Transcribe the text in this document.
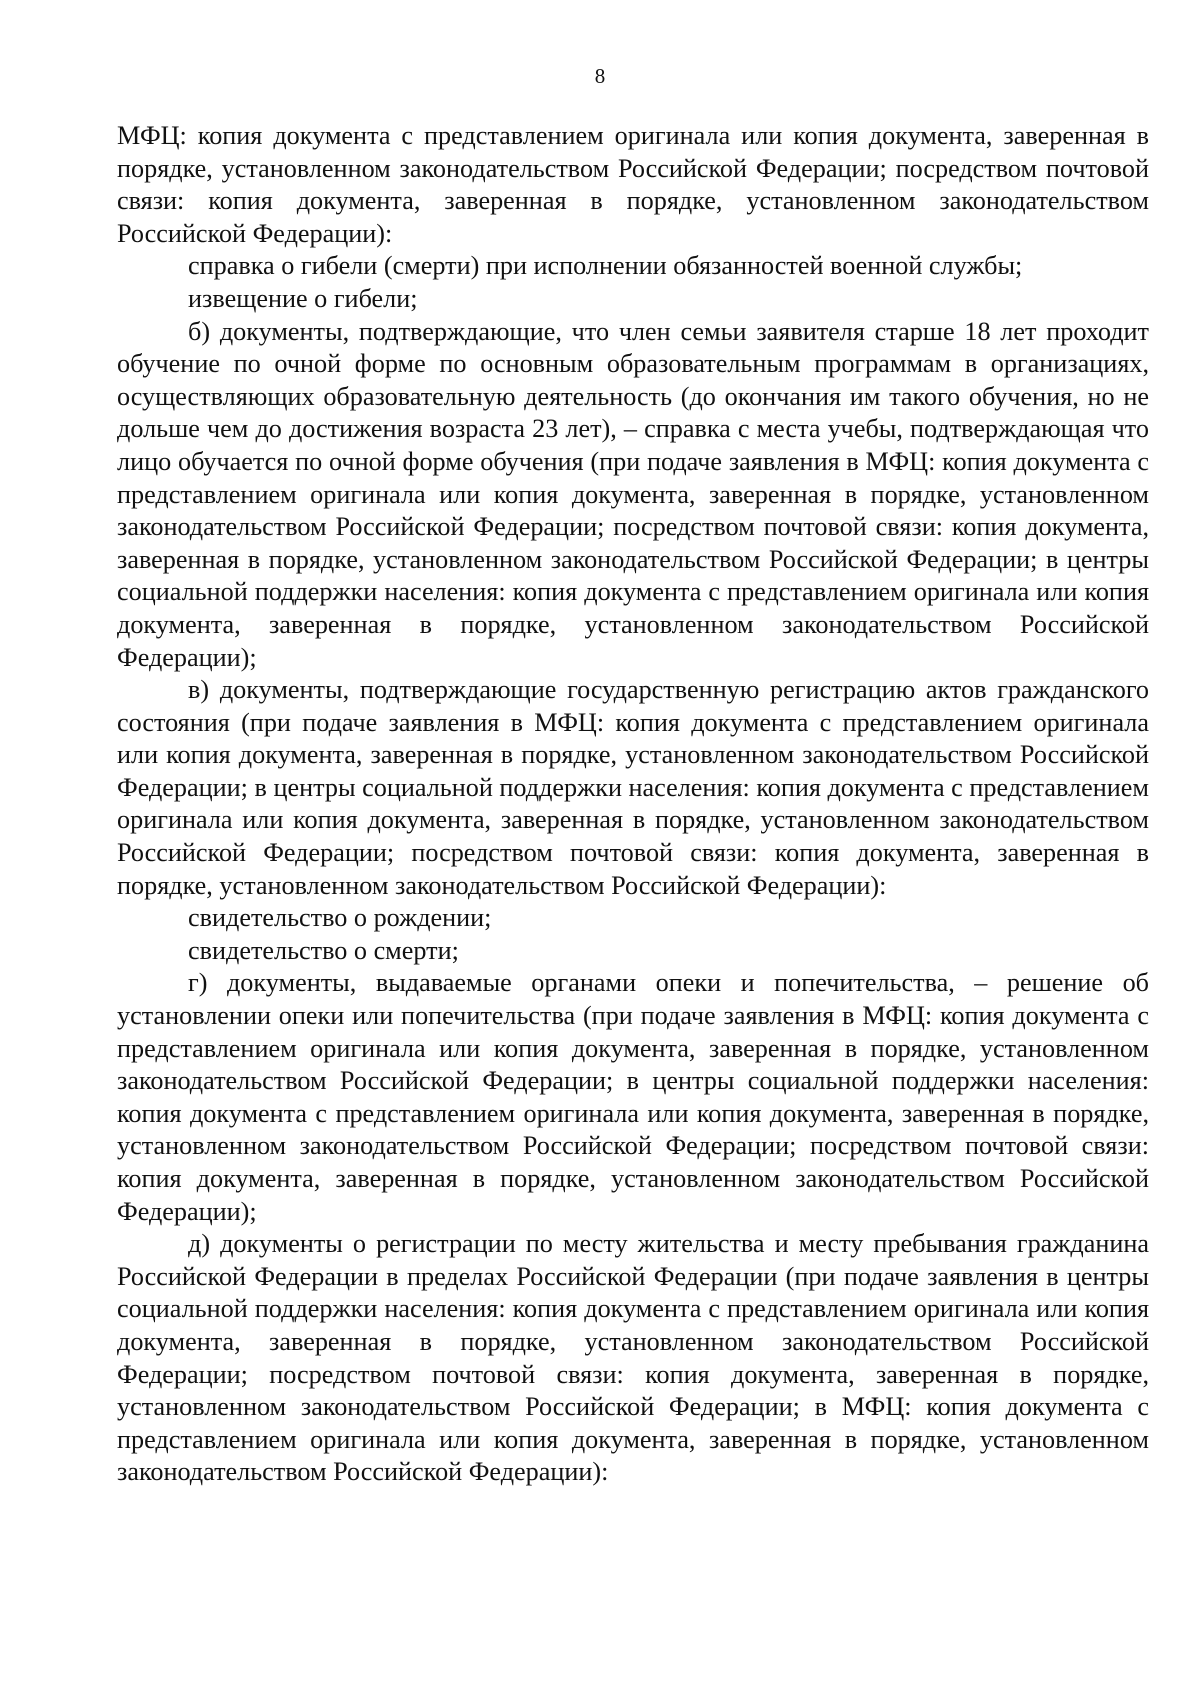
8

МФЦ: копия документа с представлением оригинала или копия документа, заверенная в порядке, установленном законодательством Российской Федерации; посредством почтовой связи: копия документа, заверенная в порядке, установленном законодательством Российской Федерации):

справка о гибели (смерти) при исполнении обязанностей военной службы;

извещение о гибели;

б) документы, подтверждающие, что член семьи заявителя старше 18 лет проходит обучение по очной форме по основным образовательным программам в организациях, осуществляющих образовательную деятельность (до окончания им такого обучения, но не дольше чем до достижения возраста 23 лет), – справка с места учебы, подтверждающая что лицо обучается по очной форме обучения (при подаче заявления в МФЦ: копия документа с представлением оригинала или копия документа, заверенная в порядке, установленном законодательством Российской Федерации; посредством почтовой связи: копия документа, заверенная в порядке, установленном законодательством Российской Федерации; в центры социальной поддержки населения: копия документа с представлением оригинала или копия документа, заверенная в порядке, установленном законодательством Российской Федерации);

в) документы, подтверждающие государственную регистрацию актов гражданского состояния (при подаче заявления в МФЦ: копия документа с представлением оригинала или копия документа, заверенная в порядке, установленном законодательством Российской Федерации; в центры социальной поддержки населения: копия документа с представлением оригинала или копия документа, заверенная в порядке, установленном законодательством Российской Федерации; посредством почтовой связи: копия документа, заверенная в порядке, установленном законодательством Российской Федерации):

свидетельство о рождении;

свидетельство о смерти;

г) документы, выдаваемые органами опеки и попечительства, – решение об установлении опеки или попечительства (при подаче заявления в МФЦ: копия документа с представлением оригинала или копия документа, заверенная в порядке, установленном законодательством Российской Федерации; в центры социальной поддержки населения: копия документа с представлением оригинала или копия документа, заверенная в порядке, установленном законодательством Российской Федерации; посредством почтовой связи: копия документа, заверенная в порядке, установленном законодательством Российской Федерации);

д) документы о регистрации по месту жительства и месту пребывания гражданина Российской Федерации в пределах Российской Федерации (при подаче заявления в центры социальной поддержки населения: копия документа с представлением оригинала или копия документа, заверенная в порядке, установленном законодательством Российской Федерации; посредством почтовой связи: копия документа, заверенная в порядке, установленном законодательством Российской Федерации; в МФЦ: копия документа с представлением оригинала или копия документа, заверенная в порядке, установленном законодательством Российской Федерации):
